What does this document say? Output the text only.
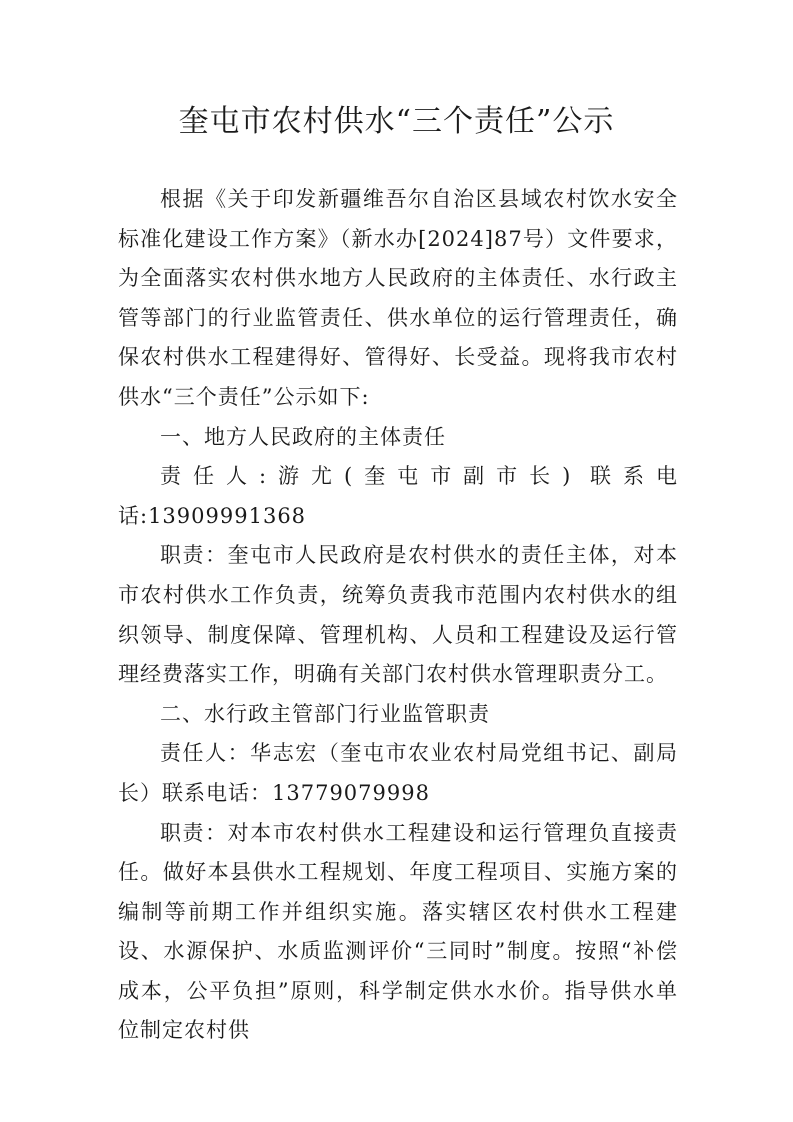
奎屯市农村供水“三个责任”公示

根据《关于印发新疆维吾尔自治区县域农村饮水安全标准化建设工作方案》（新水办[2024]87号）文件要求，为全面落实农村供水地方人民政府的主体责任、水行政主管等部门的行业监管责任、供水单位的运行管理责任，确保农村供水工程建得好、管得好、长受益。现将我市农村供水“三个责任”公示如下:

一、地方人民政府的主体责任

责任人:游尤(奎屯市副市长) 联系电话:13909991368

职责：奎屯市人民政府是农村供水的责任主体，对本市农村供水工作负责，统筹负责我市范围内农村供水的组织领导、制度保障、管理机构、人员和工程建设及运行管理经费落实工作，明确有关部门农村供水管理职责分工。

二、水行政主管部门行业监管职责

责任人：华志宏（奎屯市农业农村局党组书记、副局长）联系电话：13779079998

职责：对本市农村供水工程建设和运行管理负直接责任。做好本县供水工程规划、年度工程项目、实施方案的编制等前期工作并组织实施。落实辖区农村供水工程建设、水源保护、水质监测评价“三同时”制度。按照“补偿成本，公平负担”原则，科学制定供水水价。指导供水单位制定农村供
